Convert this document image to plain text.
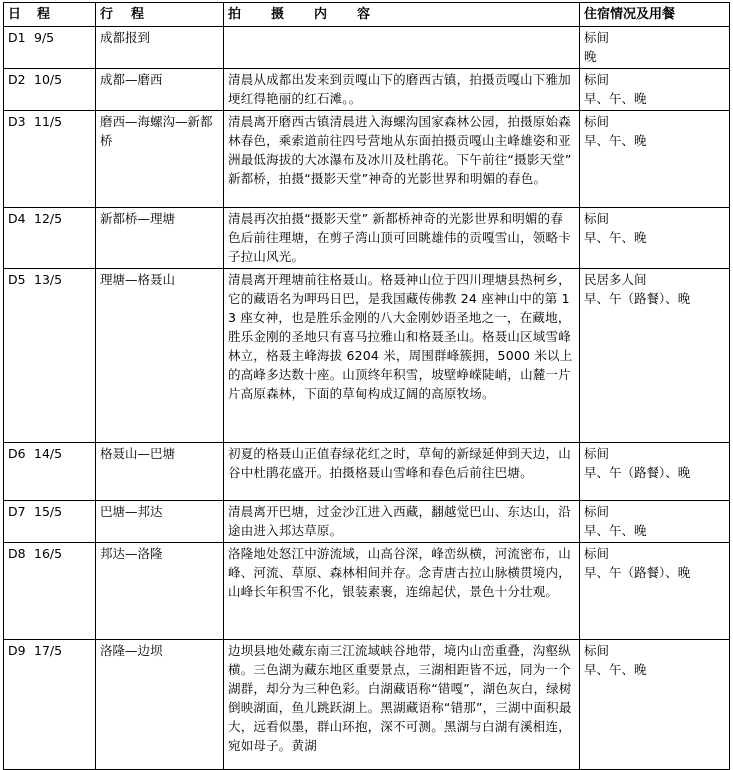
日程	行程	拍摄内容	住宿情况及用餐
D1 9/5	成都报到		标间
晚

D2 10/5	成都—磨西	清晨从成都出发来到贡嘎山下的磨西古镇，拍摄贡嘎山下雅加埂红得艳丽的红石滩。。	标间
早、午、晚

D3 11/5	磨西—海螺沟—新都桥	清晨离开磨西古镇清晨进入海螺沟国家森林公园，拍摄原始森林春色，乘索道前往四号营地从东面拍摄贡嘎山主峰雄姿和亚洲最低海拔的大冰瀑布及冰川及杜鹃花。下午前往“摄影天堂” 新都桥，拍摄“摄影天堂”神奇的光影世界和明媚的春色。	标间
早、午、晚

D4 12/5	新都桥—理塘	清晨再次拍摄“摄影天堂” 新都桥神奇的光影世界和明媚的春色后前往理塘，在剪子湾山顶可回眺雄伟的贡嘎雪山，领略卡子拉山风光。	标间
早、午、晚

D5 13/5	理塘—格聂山	清晨离开理塘前往格聂山。格聂神山位于四川理塘县热柯乡，它的藏语名为呷玛日巴，是我国藏传佛教 24 座神山中的第 13 座女神，也是胜乐金刚的八大金刚妙语圣地之一，在藏地，胜乐金刚的圣地只有喜马拉雅山和格聂圣山。格聂山区域雪峰林立，格聂主峰海拔 6204 米，周围群峰簇拥，5000 米以上的高峰多达数十座。山顶终年积雪，坡壁峥嵘陡峭，山麓一片片高原森林，下面的草甸构成辽阔的高原牧场。	民居多人间
早、午（路餐）、晚

D6 14/5	格聂山—巴塘	初夏的格聂山正值春绿花红之时，草甸的新绿延伸到天边，山谷中杜鹃花盛开。拍摄格聂山雪峰和春色后前往巴塘。	标间
早、午（路餐）、晚

D7 15/5	巴塘—邦达	清晨离开巴塘，过金沙江进入西藏，翻越觉巴山、东达山，沿途由进入邦达草原。	标间
早、午、晚

D8 16/5	邦达—洛隆	洛隆地处怒江中游流域，山高谷深，峰峦纵横，河流密布，山峰、河流、草原、森林相间并存。念青唐古拉山脉横贯境内，山峰长年积雪不化，银装素裹，连绵起伏，景色十分壮观。	标间
早、午（路餐）、晚

D9 17/5	洛隆—边坝	边坝县地处藏东南三江流域峡谷地带，境内山峦重叠，沟壑纵横。三色湖为藏东地区重要景点，三湖相距皆不远，同为一个湖群，却分为三种色彩。白湖藏语称“错嘎”，湖色灰白，绿树倒映湖面，鱼儿跳跃湖上。黑湖藏语称“错那”，三湖中面积最大，远看似墨，群山环抱，深不可测。黑湖与白湖有溪相连，宛如母子。黄湖	标间
早、午、晚
